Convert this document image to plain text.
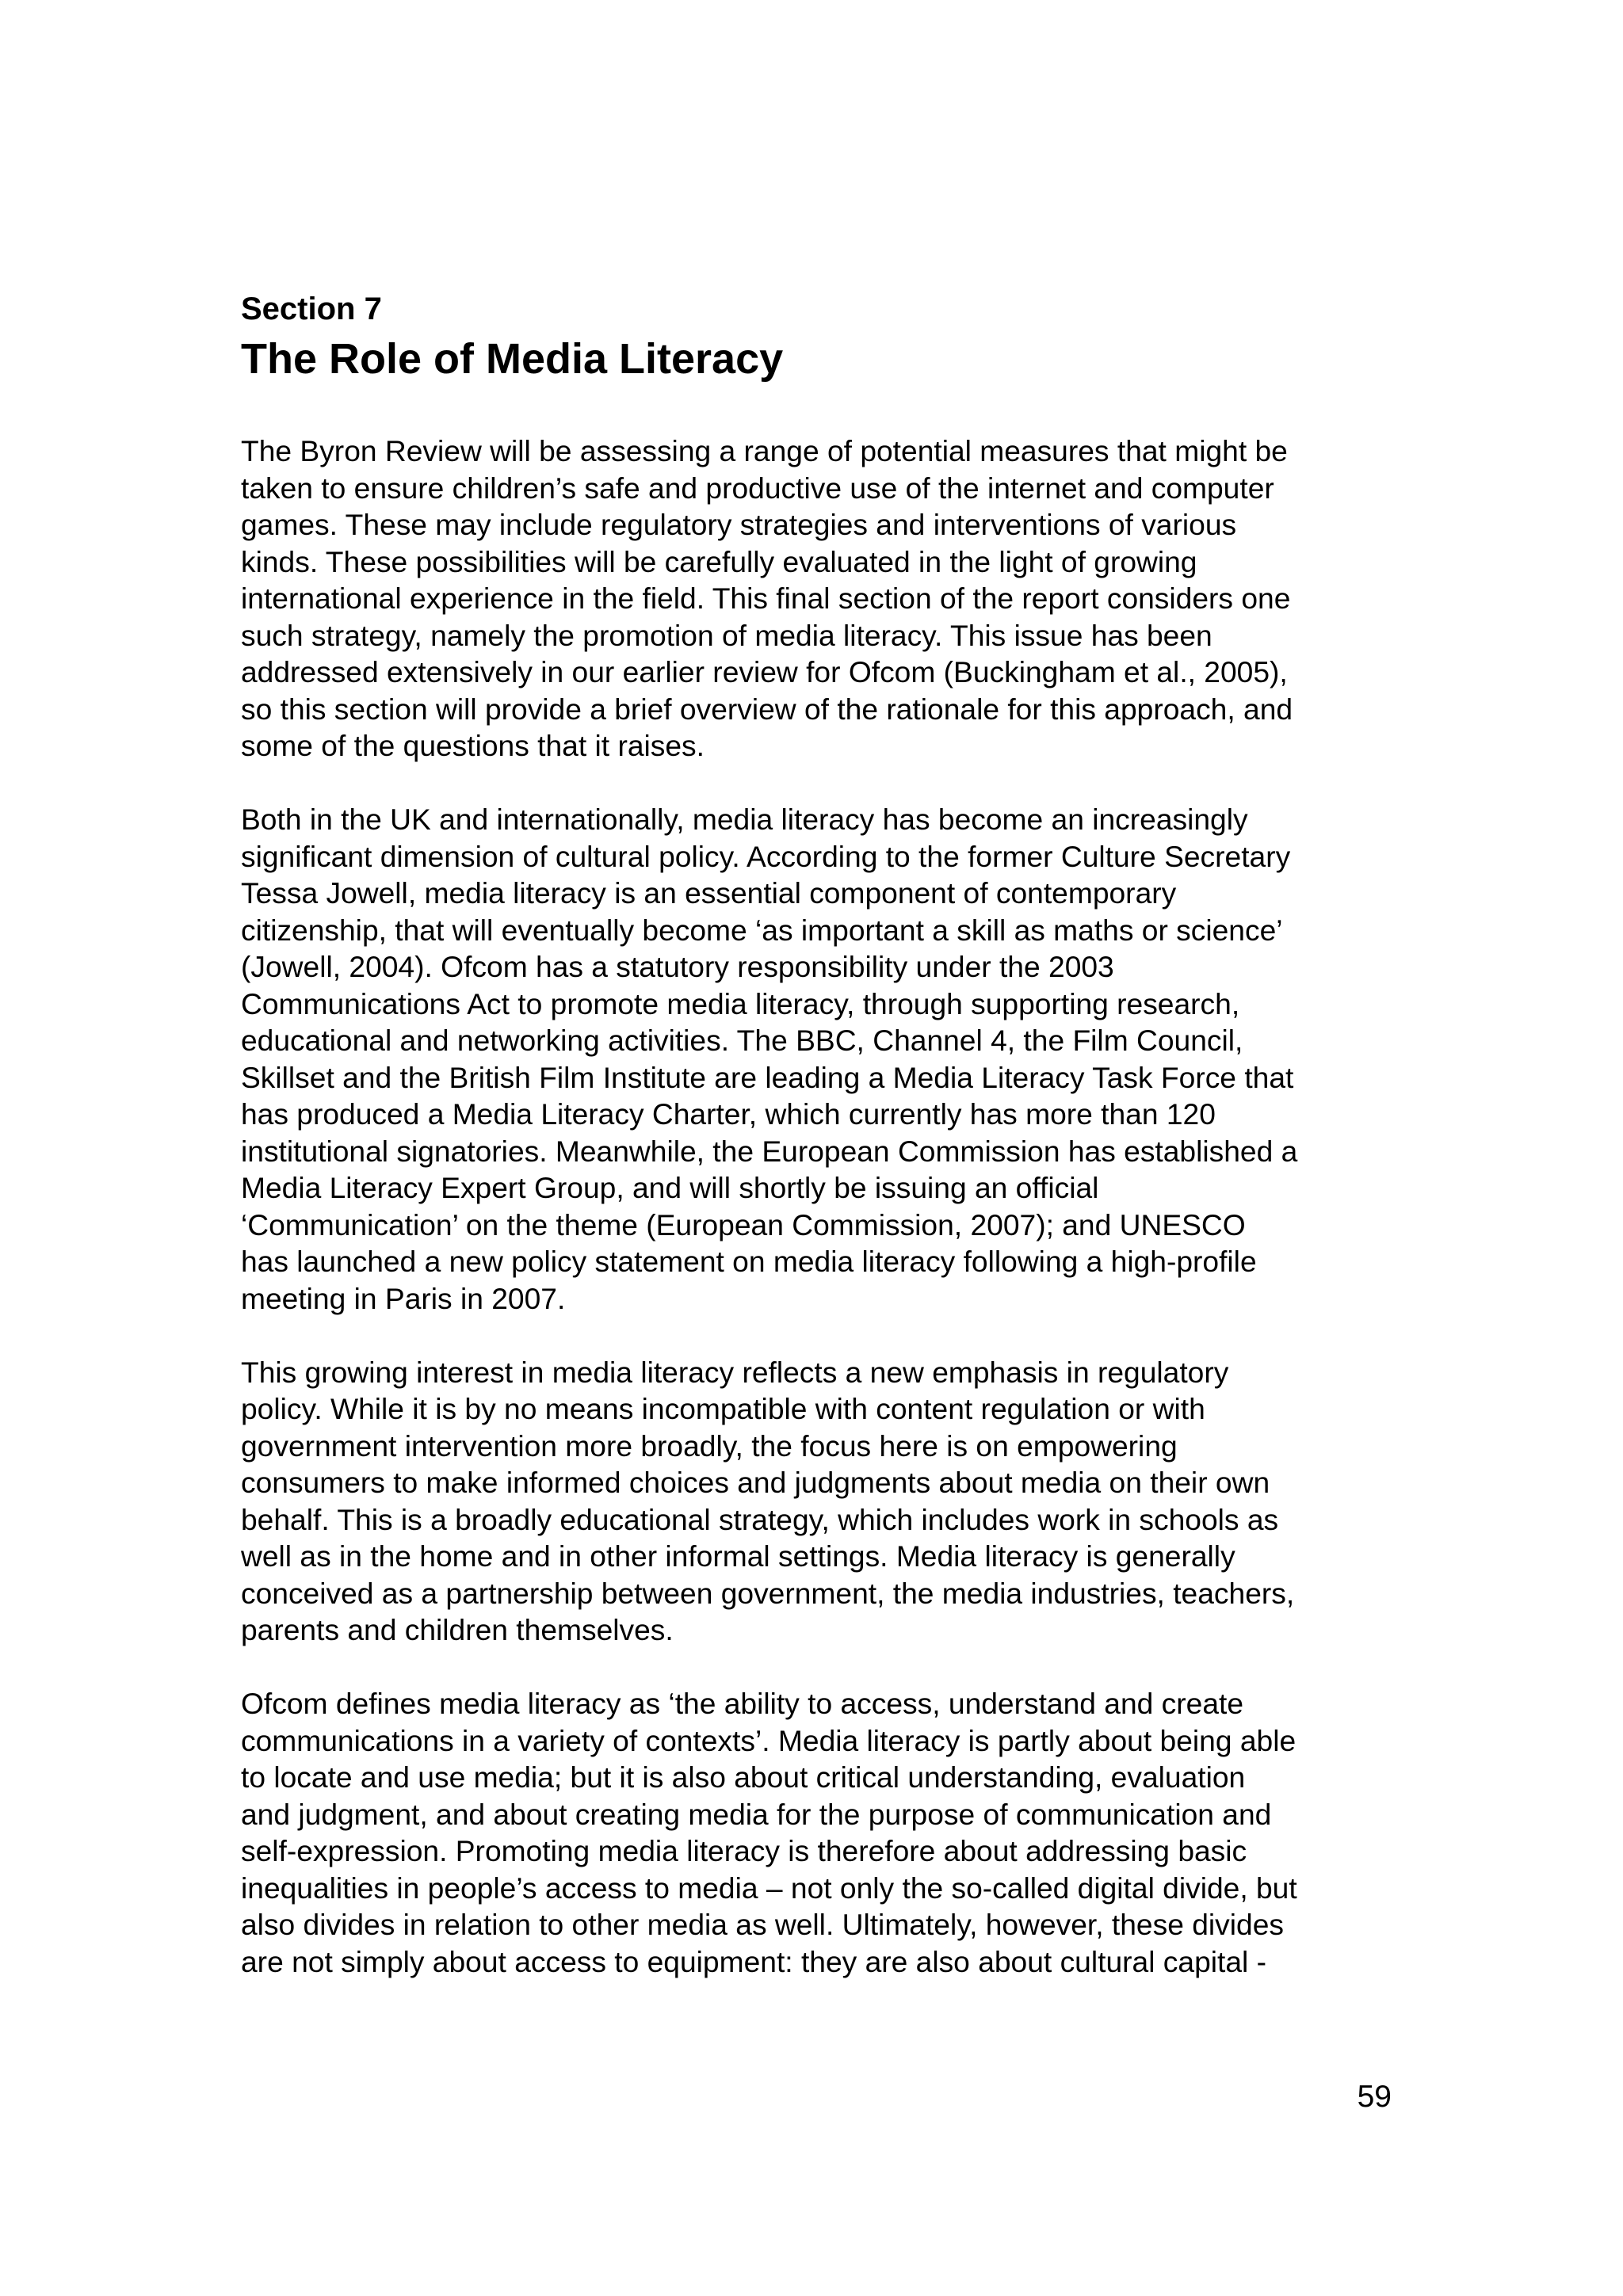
Section 7
The Role of Media Literacy
The Byron Review will be assessing a range of potential measures that might be
taken to ensure children’s safe and productive use of the internet and computer
games. These may include regulatory strategies and interventions of various
kinds. These possibilities will be carefully evaluated in the light of growing
international experience in the field. This final section of the report considers one
such strategy, namely the promotion of media literacy. This issue has been
addressed extensively in our earlier review for Ofcom (Buckingham et al., 2005),
so this section will provide a brief overview of the rationale for this approach, and
some of the questions that it raises.
Both in the UK and internationally, media literacy has become an increasingly
significant dimension of cultural policy. According to the former Culture Secretary
Tessa Jowell, media literacy is an essential component of contemporary
citizenship, that will eventually become ‘as important a skill as maths or science’
(Jowell, 2004). Ofcom has a statutory responsibility under the 2003
Communications Act to promote media literacy, through supporting research,
educational and networking activities. The BBC, Channel 4, the Film Council,
Skillset and the British Film Institute are leading a Media Literacy Task Force that
has produced a Media Literacy Charter, which currently has more than 120
institutional signatories. Meanwhile, the European Commission has established a
Media Literacy Expert Group, and will shortly be issuing an official
‘Communication’ on the theme (European Commission, 2007); and UNESCO
has launched a new policy statement on media literacy following a high-profile
meeting in Paris in 2007.
This growing interest in media literacy reflects a new emphasis in regulatory
policy. While it is by no means incompatible with content regulation or with
government intervention more broadly, the focus here is on empowering
consumers to make informed choices and judgments about media on their own
behalf. This is a broadly educational strategy, which includes work in schools as
well as in the home and in other informal settings. Media literacy is generally
conceived as a partnership between government, the media industries, teachers,
parents and children themselves.
Ofcom defines media literacy as ‘the ability to access, understand and create
communications in a variety of contexts’. Media literacy is partly about being able
to locate and use media; but it is also about critical understanding, evaluation
and judgment, and about creating media for the purpose of communication and
self-expression. Promoting media literacy is therefore about addressing basic
inequalities in people’s access to media – not only the so-called digital divide, but
also divides in relation to other media as well. Ultimately, however, these divides
are not simply about access to equipment: they are also about cultural capital -
59
